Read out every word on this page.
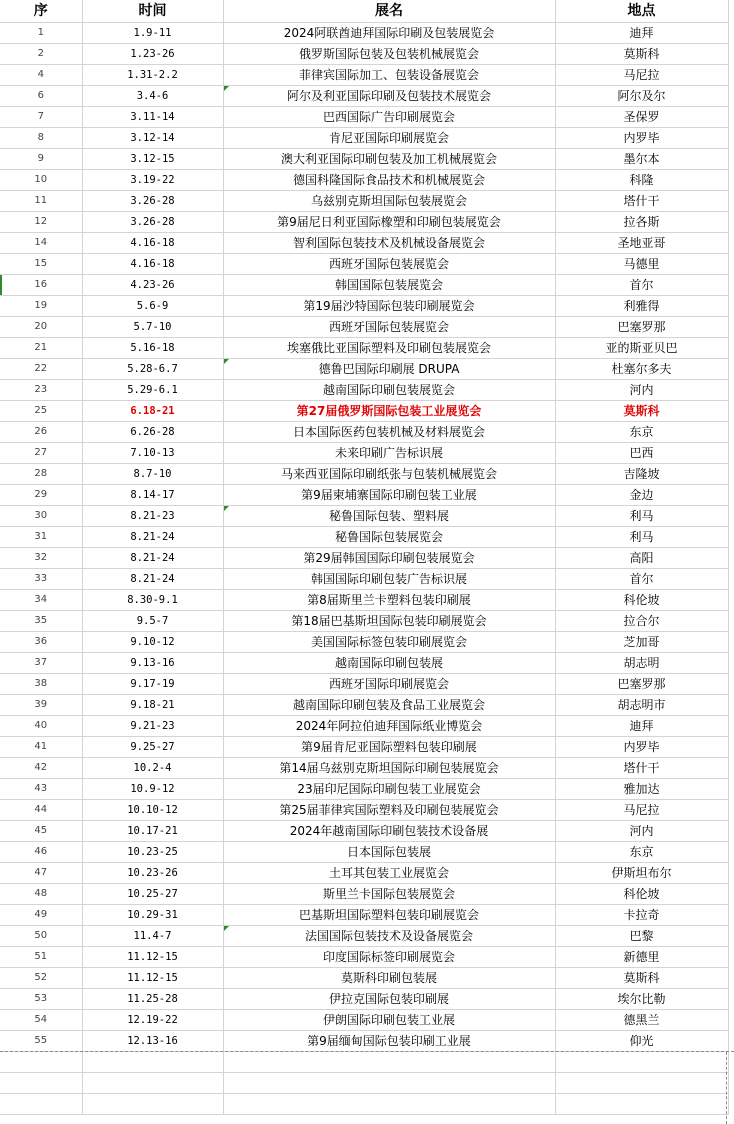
序	时间	展名	地点
1	1.9-11	2024阿联酋迪拜国际印刷及包装展览会	迪拜
2	1.23-26	俄罗斯国际包装及包装机械展览会	莫斯科
4	1.31-2.2	菲律宾国际加工、包装设备展览会	马尼拉
6	3.4-6	阿尔及利亚国际印刷及包装技术展览会	阿尔及尔
7	3.11-14	巴西国际广告印刷展览会	圣保罗
8	3.12-14	肯尼亚国际印刷展览会	内罗毕
9	3.12-15	澳大利亚国际印刷包装及加工机械展览会	墨尔本
10	3.19-22	德国科隆国际食品技术和机械展览会	科隆
11	3.26-28	乌兹别克斯坦国际包装展览会	塔什干
12	3.26-28	第9届尼日利亚国际橡塑和印刷包装展览会	拉各斯
14	4.16-18	智利国际包装技术及机械设备展览会	圣地亚哥
15	4.16-18	西班牙国际包装展览会	马德里

16	4.23-26	韩国国际包装展览会	首尔
19	5.6-9	第19届沙特国际包装印刷展览会	利雅得
20	5.7-10	西班牙国际包装展览会	巴塞罗那
21	5.16-18	埃塞俄比亚国际塑料及印刷包装展览会	亚的斯亚贝巴
22	5.28-6.7	德鲁巴国际印刷展 DRUPA	杜塞尔多夫
23	5.29-6.1	越南国际印刷包装展览会	河内
25	6.18-21	第27届俄罗斯国际包装工业展览会	莫斯科
26	6.26-28	日本国际医药包装机械及材料展览会	东京
27	7.10-13	未来印刷广告标识展	巴西
28	8.7-10	马来西亚国际印刷纸张与包装机械展览会	吉隆坡
29	8.14-17	第9届柬埔寨国际印刷包装工业展	金边
30	8.21-23	秘鲁国际包装、塑料展	利马
31	8.21-24	秘鲁国际包装展览会	利马
32	8.21-24	第29届韩国国际印刷包装展览会	高阳
33	8.21-24	韩国国际印刷包装广告标识展	首尔
34	8.30-9.1	第8届斯里兰卡塑料包装印刷展	科伦坡
35	9.5-7	第18届巴基斯坦国际包装印刷展览会	拉合尔
36	9.10-12	美国国际标签包装印刷展览会	芝加哥
37	9.13-16	越南国际印刷包装展	胡志明
38	9.17-19	西班牙国际印刷展览会	巴塞罗那
39	9.18-21	越南国际印刷包装及食品工业展览会	胡志明市
40	9.21-23	2024年阿拉伯迪拜国际纸业博览会	迪拜
41	9.25-27	第9届肯尼亚国际塑料包装印刷展	内罗毕
42	10.2-4	第14届乌兹别克斯坦国际印刷包装展览会	塔什干
43	10.9-12	23届印尼国际印刷包装工业展览会	雅加达
44	10.10-12	第25届菲律宾国际塑料及印刷包装展览会	马尼拉
45	10.17-21	2024年越南国际印刷包装技术设备展	河内
46	10.23-25	日本国际包装展	东京
47	10.23-26	土耳其包装工业展览会	伊斯坦布尔
48	10.25-27	斯里兰卡国际包装展览会	科伦坡
49	10.29-31	巴基斯坦国际塑料包装印刷展览会	卡拉奇
50	11.4-7	法国国际包装技术及设备展览会	巴黎
51	11.12-15	印度国际标签印刷展览会	新德里
52	11.12-15	莫斯科印刷包装展	莫斯科
53	11.25-28	伊拉克国际包装印刷展	埃尔比勒
54	12.19-22	伊朗国际印刷包装工业展	德黑兰
55	12.13-16	第9届缅甸国际包装印刷工业展	仰光
